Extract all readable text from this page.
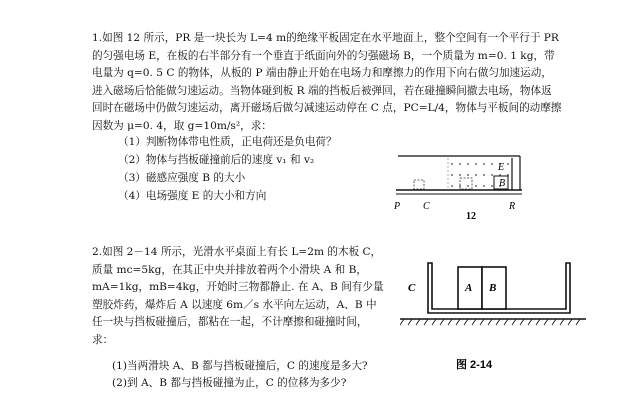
1.如图 12 所示，PR 是一块长为 L=4 m的绝缘平板固定在水平地面上，整个空间有一个平行于 PR 的匀强电场 E，在板的右半部分有一个垂直于纸面向外的匀强磁场 B，一个质量为 m=0. 1 kg，带电量为 q=0. 5 C 的物体，从板的 P 端由静止开始在电场力和摩擦力的作用下向右做匀加速运动，进入磁场后恰能做匀速运动。当物体碰到板 R 端的挡板后被弹回，若在碰撞瞬间撤去电场，物体返回时在磁场中仍做匀速运动，离开磁场后做匀减速运动停在 C 点，PC=L/4，物体与平板间的动摩擦因数为 μ=0. 4，取 g=10m/s²，求：

（1）判断物体带电性质，正电荷还是负电荷？

（2）物体与挡板碰撞前后的速度 v₁ 和 v₂

（3）磁感应强度 B 的大小

（4）电场强度 E 的大小和方向

P C	R
E
B
12

2.如图 2－14 所示，光滑水平桌面上有长 L=2m 的木板 C，质量 mc=5kg，在其正中央并排放着两个小滑块 A 和 B，mA=1kg，mB=4kg，开始时三物都静止. 在 A、B 间有少量塑胶炸药，爆炸后 A 以速度 6m／s 水平向左运动，A、B 中任一块与挡板碰撞后，都粘在一起，不计摩擦和碰撞时间，求：

(1)当两滑块 A、B 都与挡板碰撞后，C 的速度是多大?

(2)到 A、B 都与挡板碰撞为止，C 的位移为多少?

C	A B
图 2-14
